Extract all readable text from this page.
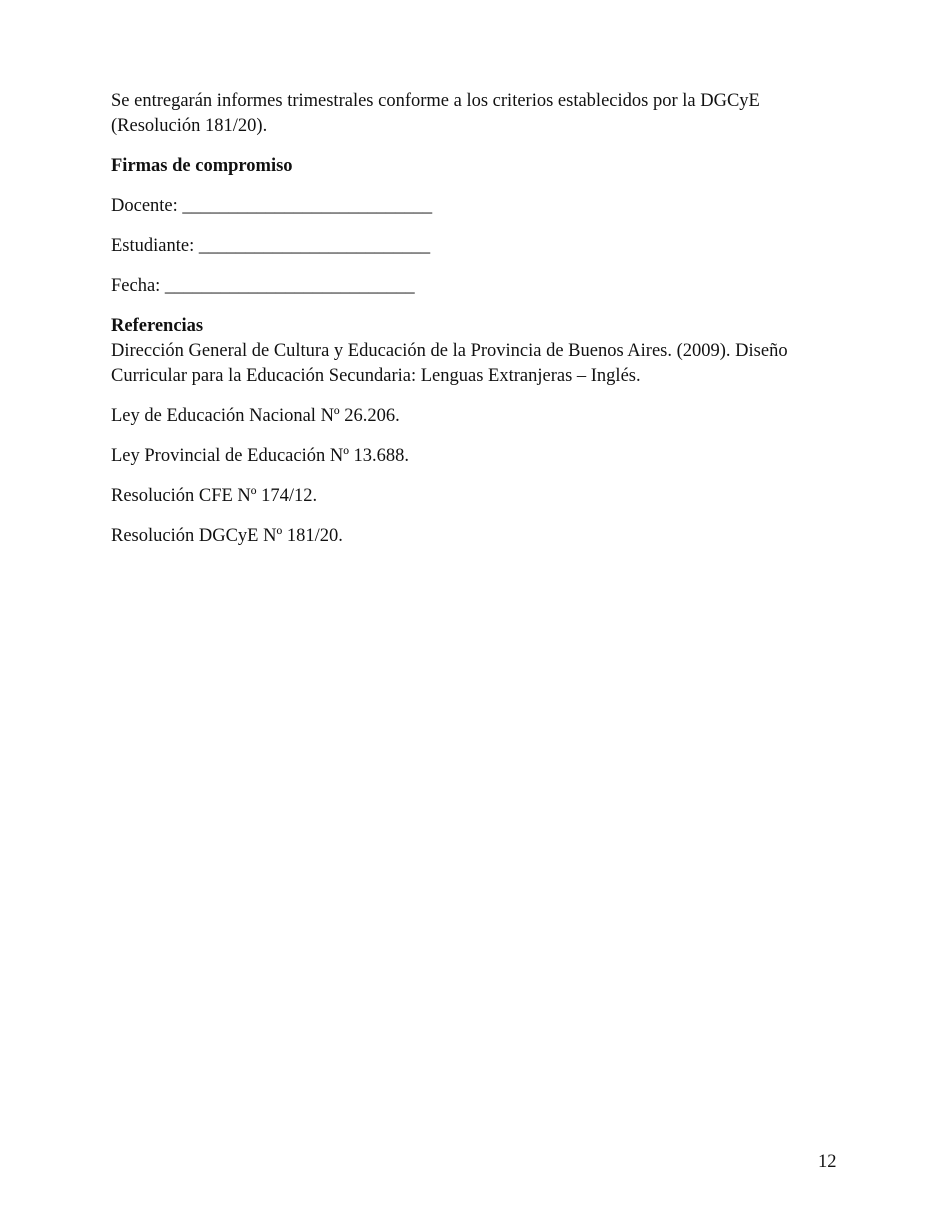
Se entregarán informes trimestrales conforme a los criterios establecidos por la DGCyE

(Resolución 181/20).

Firmas de compromiso

Docente: ___________________________

Estudiante: _________________________

Fecha: ___________________________

Referencias

Dirección General de Cultura y Educación de la Provincia de Buenos Aires. (2009). Diseño

Curricular para la Educación Secundaria: Lenguas Extranjeras – Inglés.

Ley de Educación Nacional Nº 26.206.

Ley Provincial de Educación Nº 13.688.

Resolución CFE Nº 174/12.

Resolución DGCyE Nº 181/20.

12
